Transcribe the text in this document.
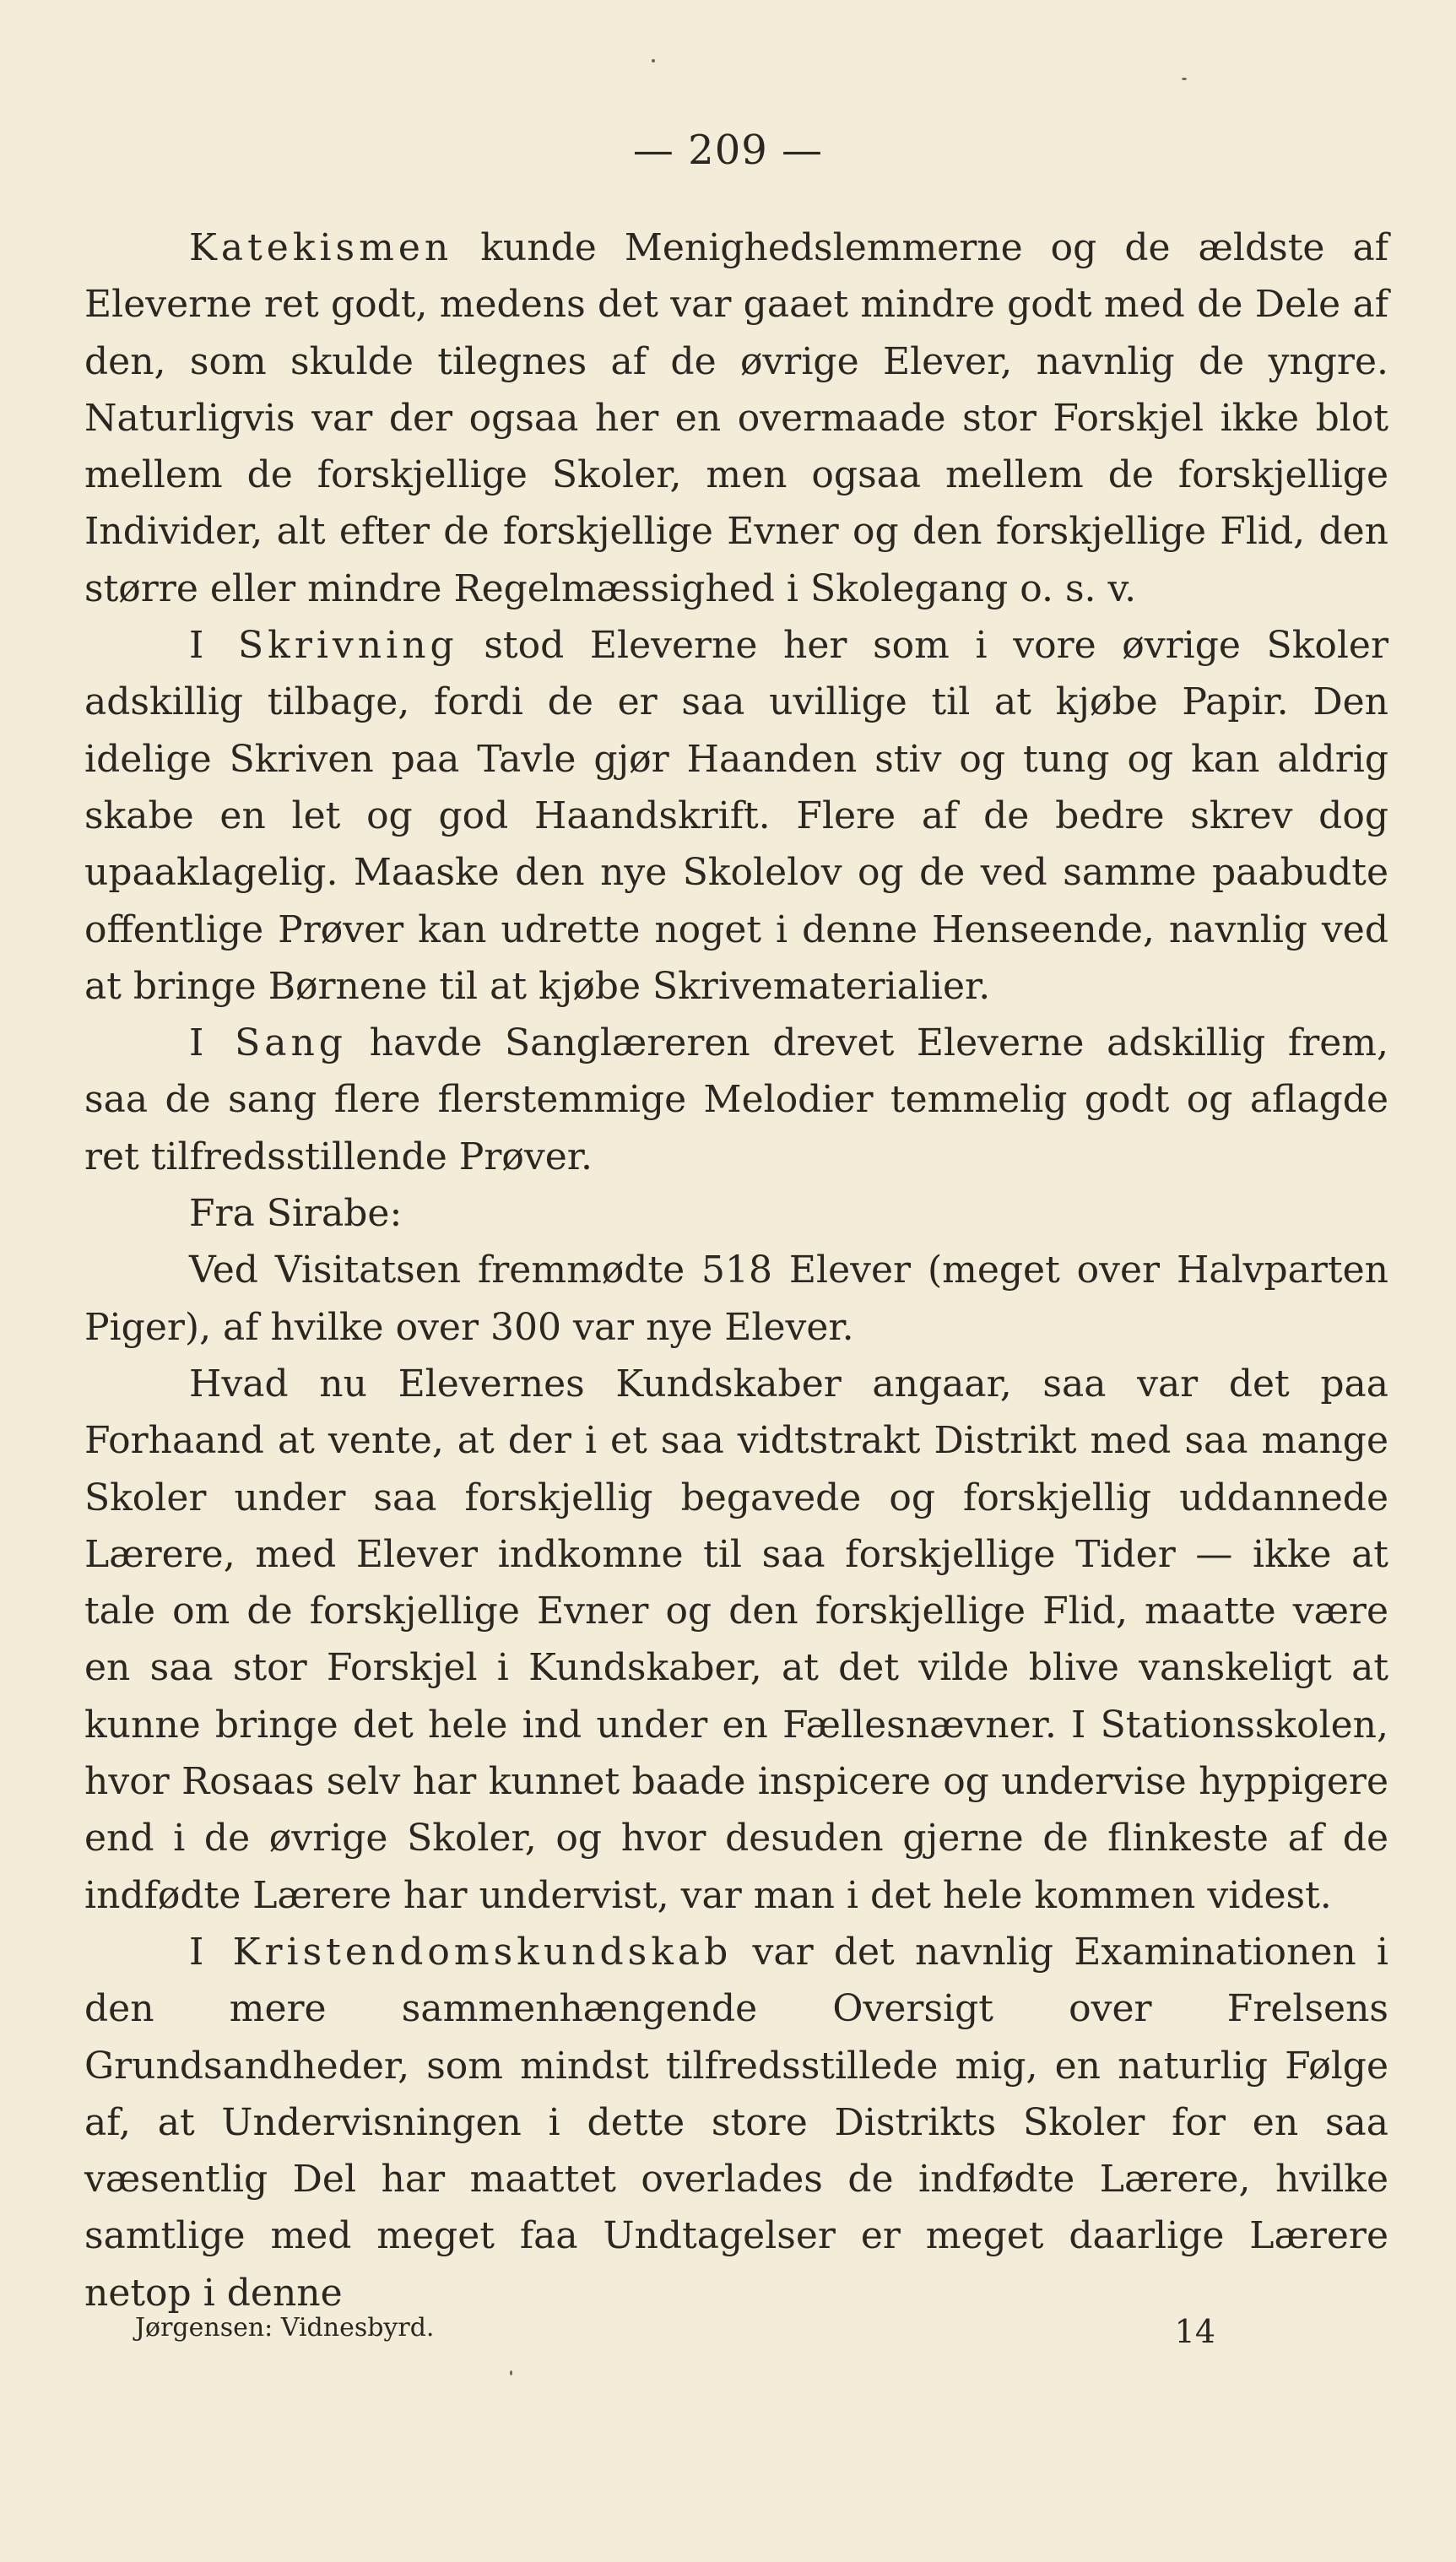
— 209 —

Katekismen kunde Menighedslemmerne og de ældste af Eleverne ret godt, medens det var gaaet mindre godt med de Dele af den, som skulde tilegnes af de øvrige Elever, navnlig de yngre. Naturligvis var der ogsaa her en overmaade stor Forskjel ikke blot mellem de forskjellige Skoler, men ogsaa mellem de forskjellige Individer, alt efter de forskjellige Evner og den forskjellige Flid, den større eller mindre Regelmæssighed i Skolegang o. s. v.

I Skrivning stod Eleverne her som i vore øvrige Skoler adskillig tilbage, fordi de er saa uvillige til at kjøbe Papir. Den idelige Skriven paa Tavle gjør Haanden stiv og tung og kan aldrig skabe en let og god Haandskrift. Flere af de bedre skrev dog upaaklagelig. Maaske den nye Skolelov og de ved samme paabudte offentlige Prøver kan udrette noget i denne Henseende, navnlig ved at bringe Børnene til at kjøbe Skrivematerialier.

I Sang havde Sanglæreren drevet Eleverne adskillig frem, saa de sang flere flerstemmige Melodier temmelig godt og aflagde ret tilfredsstillende Prøver.

Fra Sirabe:

Ved Visitatsen fremmødte 518 Elever (meget over Halvparten Piger), af hvilke over 300 var nye Elever.

Hvad nu Elevernes Kundskaber angaar, saa var det paa Forhaand at vente, at der i et saa vidtstrakt Distrikt med saa mange Skoler under saa forskjellig begavede og forskjellig uddannede Lærere, med Elever indkomne til saa forskjellige Tider — ikke at tale om de forskjellige Evner og den forskjellige Flid, maatte være en saa stor Forskjel i Kundskaber, at det vilde blive vanskeligt at kunne bringe det hele ind under en Fællesnævner. I Stationsskolen, hvor Rosaas selv har kunnet baade inspicere og undervise hyppigere end i de øvrige Skoler, og hvor desuden gjerne de flinkeste af de indfødte Lærere har undervist, var man i det hele kommen videst.

I Kristendomskundskab var det navnlig Examinationen i den mere sammenhængende Oversigt over Frelsens Grundsandheder, som mindst tilfredsstillede mig, en naturlig Følge af, at Undervisningen i dette store Distrikts Skoler for en saa væsentlig Del har maattet overlades de indfødte Lærere, hvilke samtlige med meget faa Undtagelser er meget daarlige Lærere netop i denne

Jørgensen: Vidnesbyrd.	14
